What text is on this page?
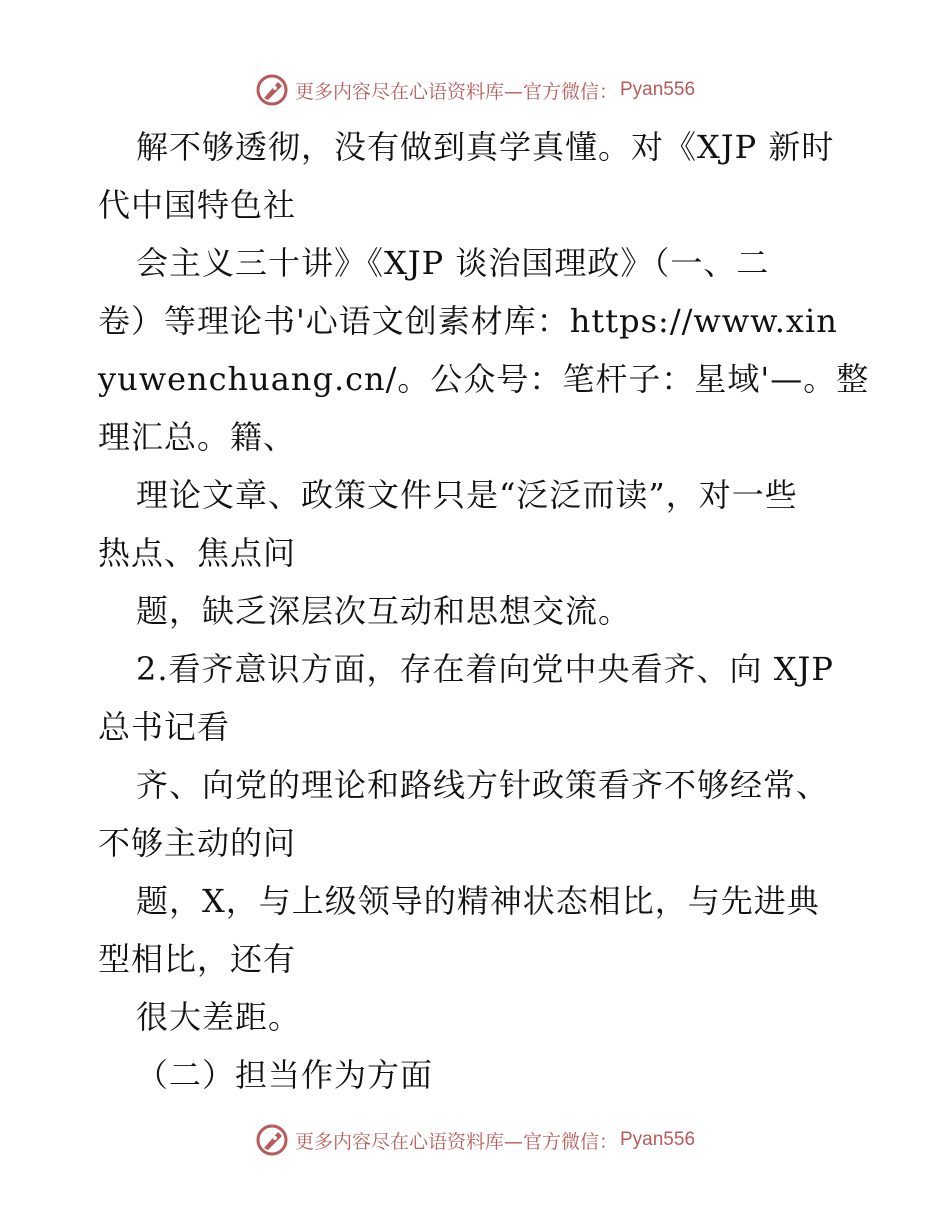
更多内容尽在心语资料库—官方微信： Pyan556
解不够透彻，没有做到真学真懂。对《XJP 新时
代中国特色社
会主义三十讲》《XJP 谈治国理政》（一、二
卷）等理论书'心语文创素材库：https://www.xin
yuwenchuang.cn/。公众号：笔杆子：星域'—。整
理汇总。籍、
理论文章、政策文件只是“泛泛而读”，对一些
热点、焦点问
题，缺乏深层次互动和思想交流。
2.看齐意识方面，存在着向党中央看齐、向 XJP
总书记看
齐、向党的理论和路线方针政策看齐不够经常、
不够主动的问
题，X，与上级领导的精神状态相比，与先进典
型相比，还有
很大差距。
（二）担当作为方面
更多内容尽在心语资料库—官方微信： Pyan556
